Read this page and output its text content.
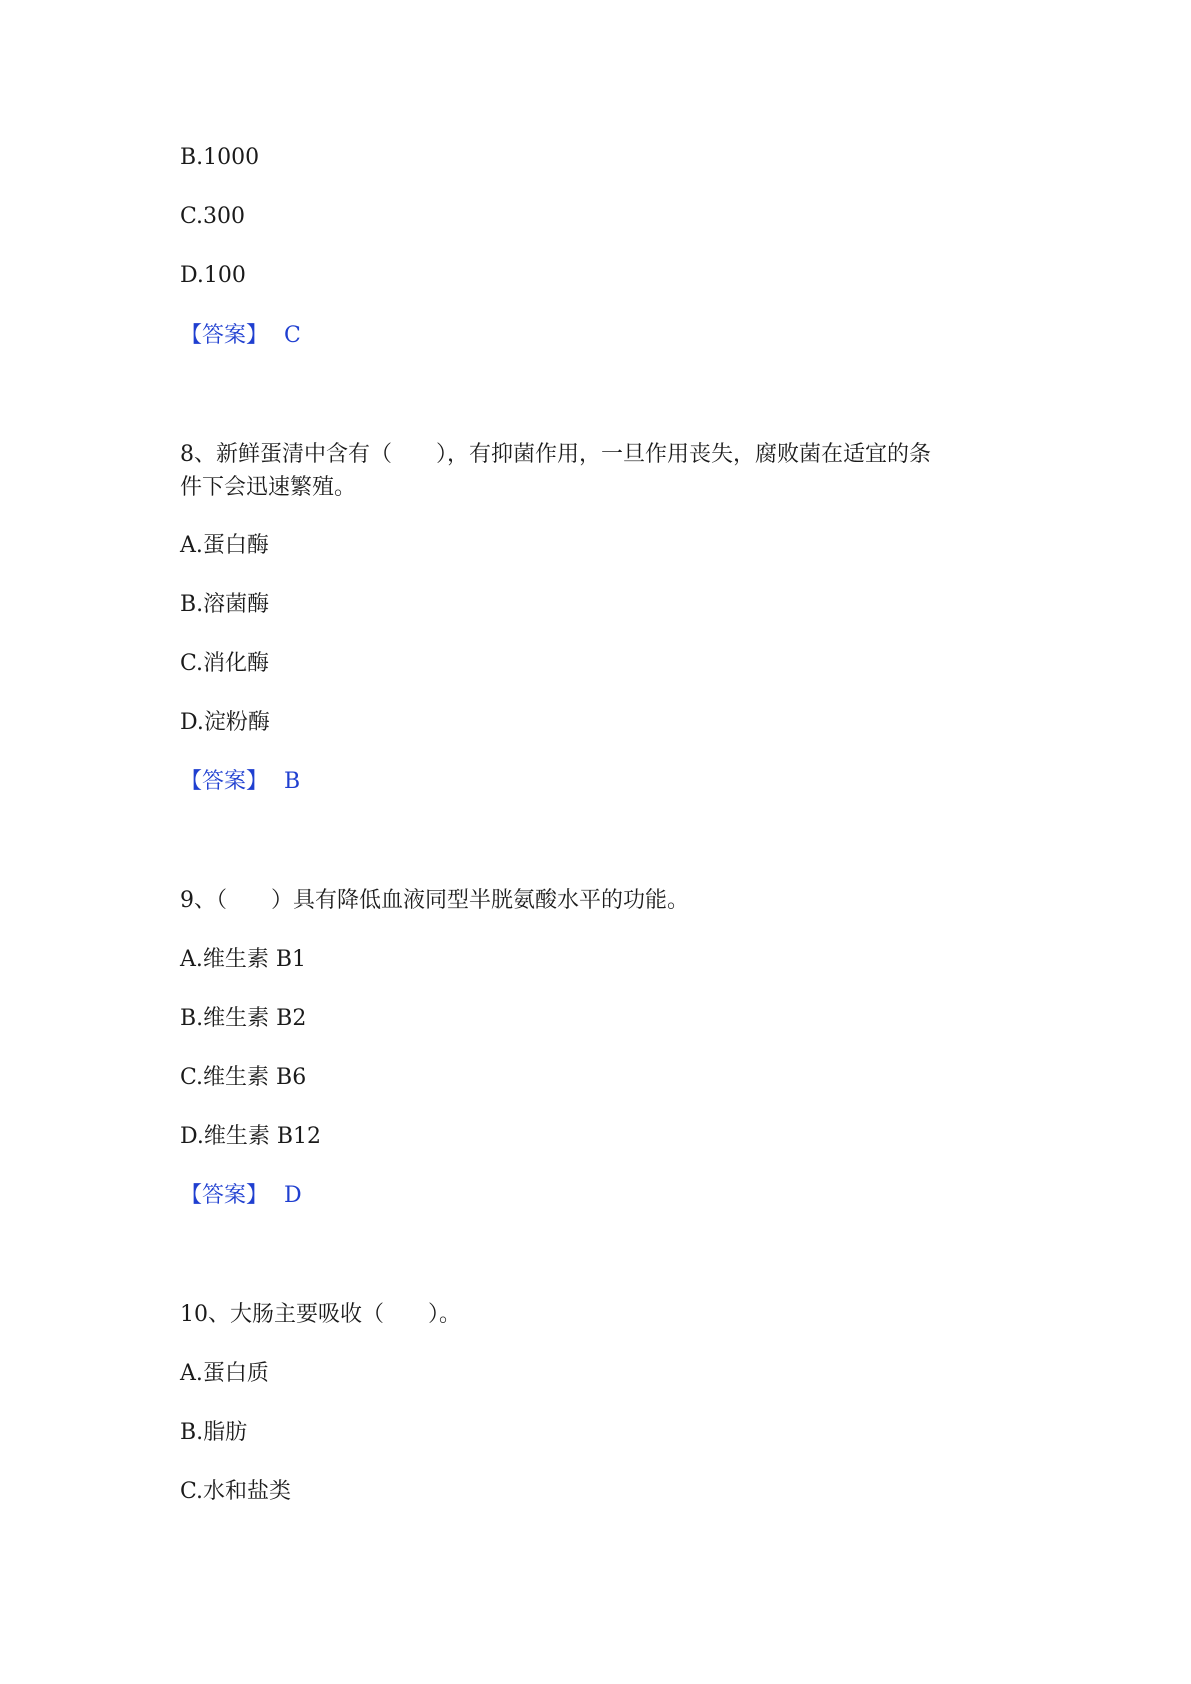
B.1000
C.300
D.100
【答案】 C
8、新鲜蛋清中含有（　　），有抑菌作用，一旦作用丧失，腐败菌在适宜的条
件下会迅速繁殖。
A.蛋白酶
B.溶菌酶
C.消化酶
D.淀粉酶
【答案】 B
9、（　　）具有降低血液同型半胱氨酸水平的功能。
A.维生素 B1
B.维生素 B2
C.维生素 B6
D.维生素 B12
【答案】 D
10、大肠主要吸收（　　）。
A.蛋白质
B.脂肪
C.水和盐类
